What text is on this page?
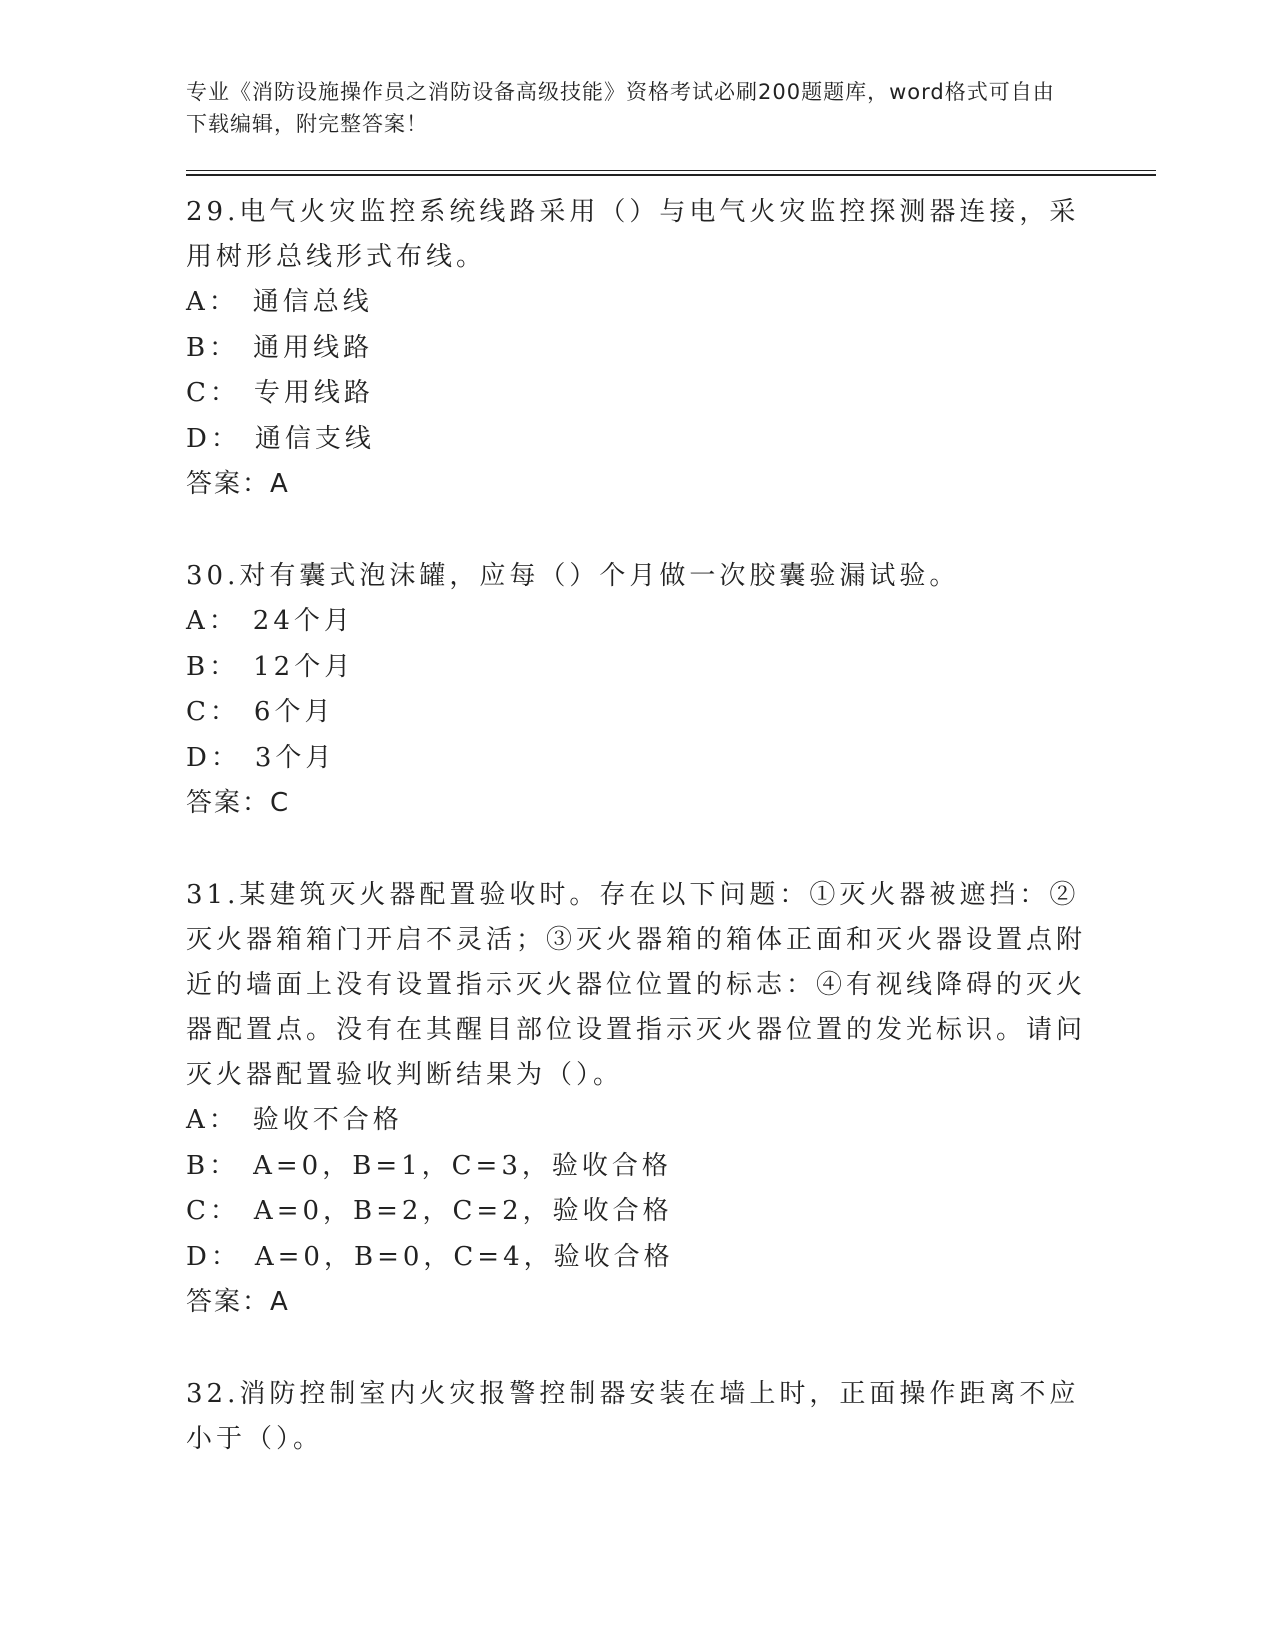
专业《消防设施操作员之消防设备高级技能》资格考试必刷200题题库，word格式可自由下载编辑，附完整答案！
29.电气火灾监控系统线路采用（）与电气火灾监控探测器连接，采用树形总线形式布线。
A： 通信总线
B： 通用线路
C： 专用线路
D： 通信支线
答案：A
30.对有囊式泡沫罐，应每（）个月做一次胶囊验漏试验。
A： 24个月
B： 12个月
C： 6个月
D： 3个月
答案：C
31.某建筑灭火器配置验收时。存在以下问题：①灭火器被遮挡：②灭火器箱箱门开启不灵活；③灭火器箱的箱体正面和灭火器设置点附近的墙面上没有设置指示灭火器位位置的标志：④有视线降碍的灭火器配置点。没有在其醒目部位设置指示灭火器位置的发光标识。请问灭火器配置验收判断结果为（）。
A： 验收不合格
B： A=0，B=1，C=3，验收合格
C： A=0，B=2，C=2，验收合格
D： A=0，B=0，C=4，验收合格
答案：A
32.消防控制室内火灾报警控制器安装在墙上时，正面操作距离不应小于（）。
